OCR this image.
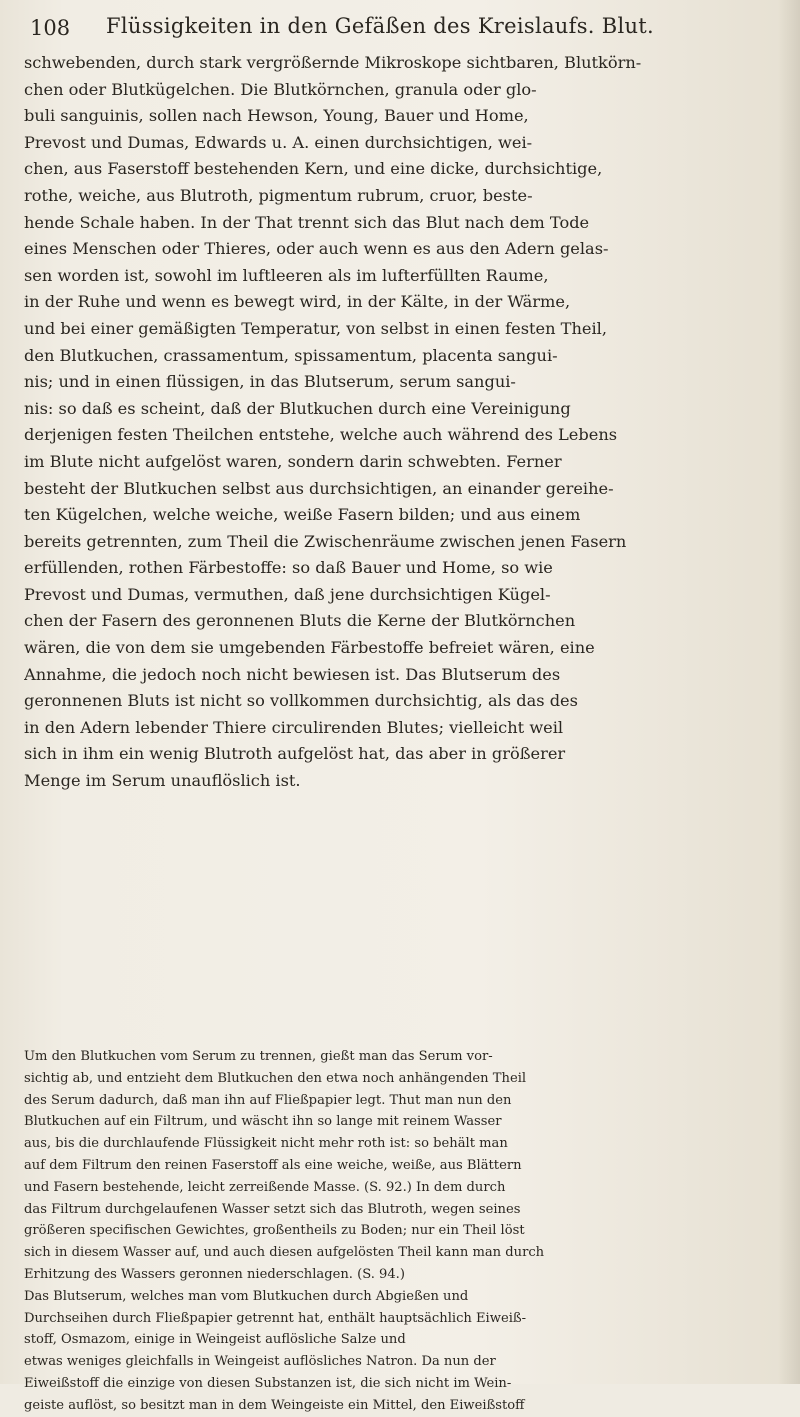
108 Flüssigkeiten in den Gefäßen des Kreislaufs. Blut.
schwebenden, durch stark vergrößernde Mikroskope sichtbaren, Blutkörn-
chen oder Blutkügelchen. Die Blutkörnchen, granula oder glo-
buli sanguinis, sollen nach Hewson, Young, Bauer und Home,
Prevost und Dumas, Edwards u. A. einen durchsichtigen, wei-
chen, aus Faserstoff bestehenden Kern, und eine dicke, durchsichtige,
rothe, weiche, aus Blutroth, pigmentum rubrum, cruor, beste-
hende Schale haben. In der That trennt sich das Blut nach dem Tode
eines Menschen oder Thieres, oder auch wenn es aus den Adern gelas-
sen worden ist, sowohl im luftleeren als im lufterfüllten Raume,
in der Ruhe und wenn es bewegt wird, in der Kälte, in der Wärme,
und bei einer gemäßigten Temperatur, von selbst in einen festen Theil,
den Blutkuchen, crassamentum, spissamentum, placenta sangui-
nis; und in einen flüssigen, in das Blutserum, serum sangui-
nis: so daß es scheint, daß der Blutkuchen durch eine Vereinigung
derjenigen festen Theilchen entstehe, welche auch während des Lebens
im Blute nicht aufgelöst waren, sondern darin schwebten. Ferner
besteht der Blutkuchen selbst aus durchsichtigen, an einander gereihe-
ten Kügelchen, welche weiche, weiße Fasern bilden; und aus einem
bereits getrennten, zum Theil die Zwischenräume zwischen jenen Fasern
erfüllenden, rothen Färbestoffe: so daß Bauer und Home, so wie
Prevost und Dumas, vermuthen, daß jene durchsichtigen Kügel-
chen der Fasern des geronnenen Bluts die Kerne der Blutkörnchen
wären, die von dem sie umgebenden Färbestoffe befreiet wären, eine
Annahme, die jedoch noch nicht bewiesen ist. Das Blutserum des
geronnenen Bluts ist nicht so vollkommen durchsichtig, als das des
in den Adern lebender Thiere circulirenden Blutes; vielleicht weil
sich in ihm ein wenig Blutroth aufgelöst hat, das aber in größerer
Menge im Serum unauflöslich ist.
Um den Blutkuchen vom Serum zu trennen, gießt man das Serum vor-
sichtig ab, und entzieht dem Blutkuchen den etwa noch anhängenden Theil
des Serum dadurch, daß man ihn auf Fließpapier legt. Thut man nun den
Blutkuchen auf ein Filtrum, und wäscht ihn so lange mit reinem Wasser
aus, bis die durchlaufende Flüssigkeit nicht mehr roth ist: so behält man
auf dem Filtrum den reinen Faserstoff als eine weiche, weiße, aus Blättern
und Fasern bestehende, leicht zerreißende Masse. (S. 92.) In dem durch
das Filtrum durchgelaufenen Wasser setzt sich das Blutroth, wegen seines
größeren specifischen Gewichtes, großentheils zu Boden; nur ein Theil löst
sich in diesem Wasser auf, und auch diesen aufgelösten Theil kann man durch
Erhitzung des Wassers geronnen niederschlagen. (S. 94.)
Das Blutserum, welches man vom Blutkuchen durch Abgießen und
Durchseihen durch Fließpapier getrennt hat, enthält hauptsächlich Eiweiß-
stoff, Osmazom, einige in Weingeist auflösliche Salze und
etwas weniges gleichfalls in Weingeist auflösliches Natron. Da nun der
Eiweißstoff die einzige von diesen Substanzen ist, die sich nicht im Wein-
geiste auflöst, so besitzt man in dem Weingeiste ein Mittel, den Eiweißstoff
